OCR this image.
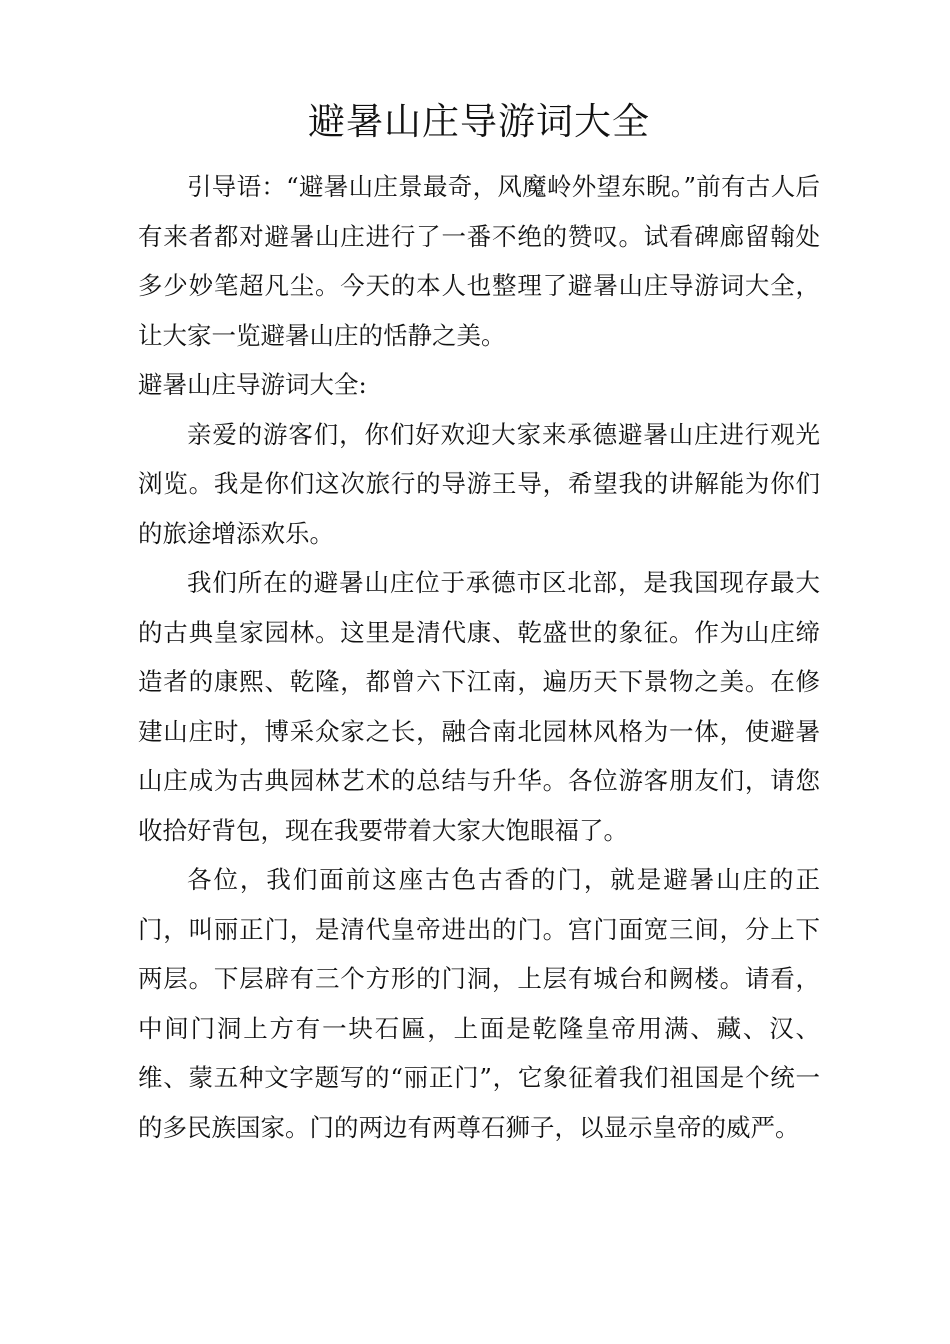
避暑山庄导游词大全

引导语：“避暑山庄景最奇，风魔岭外望东睨。”前有古人后有来者都对避暑山庄进行了一番不绝的赞叹。试看碑廊留翰处多少妙笔超凡尘。今天的本人也整理了避暑山庄导游词大全，让大家一览避暑山庄的恬静之美。

避暑山庄导游词大全:

亲爱的游客们，你们好欢迎大家来承德避暑山庄进行观光浏览。我是你们这次旅行的导游王导，希望我的讲解能为你们的旅途增添欢乐。

我们所在的避暑山庄位于承德市区北部，是我国现存最大的古典皇家园林。这里是清代康、乾盛世的象征。作为山庄缔造者的康熙、乾隆，都曾六下江南，遍历天下景物之美。在修建山庄时，博采众家之长，融合南北园林风格为一体，使避暑山庄成为古典园林艺术的总结与升华。各位游客朋友们，请您收拾好背包，现在我要带着大家大饱眼福了。

各位，我们面前这座古色古香的门，就是避暑山庄的正门，叫丽正门，是清代皇帝进出的门。宫门面宽三间，分上下两层。下层辟有三个方形的门洞，上层有城台和阙楼。请看，中间门洞上方有一块石匾，上面是乾隆皇帝用满、藏、汉、维、蒙五种文字题写的“丽正门”，它象征着我们祖国是个统一的多民族国家。门的两边有两尊石狮子，以显示皇帝的威严。
